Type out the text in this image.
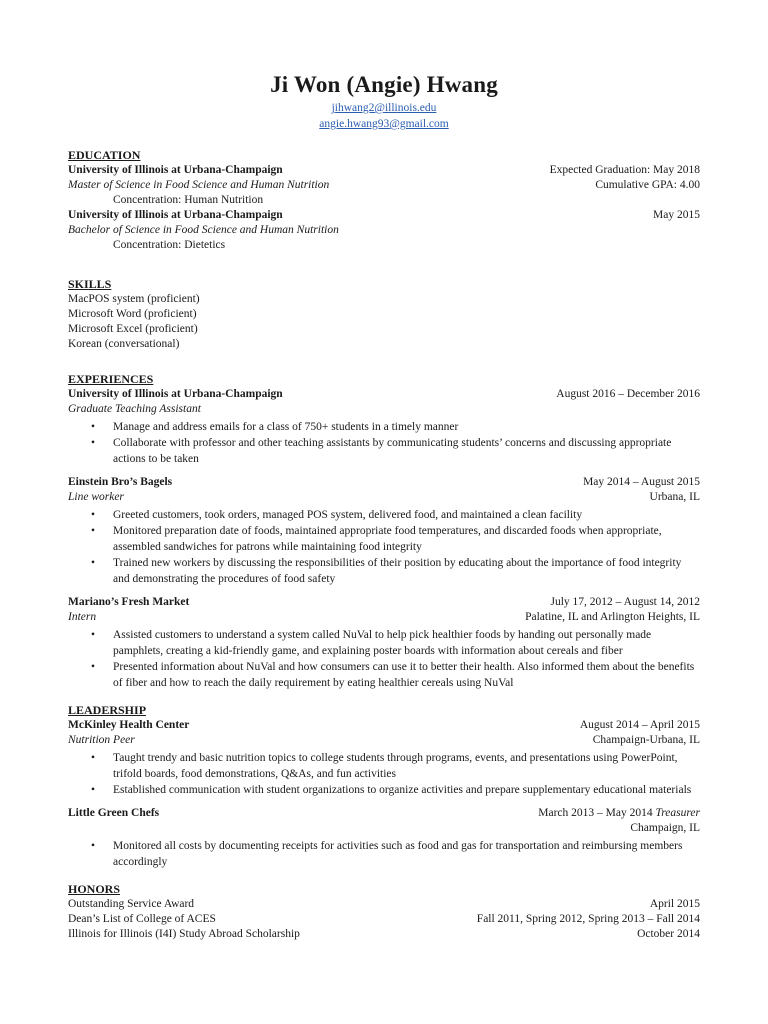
Ji Won (Angie) Hwang
jihwang2@illinois.edu
angie.hwang93@gmail.com
EDUCATION
University of Illinois at Urbana-Champaign	Expected Graduation: May 2018
Master of Science in Food Science and Human Nutrition	Cumulative GPA: 4.00
Concentration: Human Nutrition
University of Illinois at Urbana-Champaign	May 2015
Bachelor of Science in Food Science and Human Nutrition
Concentration: Dietetics
SKILLS
MacPOS system (proficient)
Microsoft Word (proficient)
Microsoft Excel (proficient)
Korean (conversational)
EXPERIENCES
University of Illinois at Urbana-Champaign	August 2016 – December 2016
Graduate Teaching Assistant
• Manage and address emails for a class of 750+ students in a timely manner
• Collaborate with professor and other teaching assistants by communicating students’ concerns and discussing appropriate actions to be taken
Einstein Bro’s Bagels	May 2014 – August 2015
Line worker	Urbana, IL
• Greeted customers, took orders, managed POS system, delivered food, and maintained a clean facility
• Monitored preparation date of foods, maintained appropriate food temperatures, and discarded foods when appropriate, assembled sandwiches for patrons while maintaining food integrity
• Trained new workers by discussing the responsibilities of their position by educating about the importance of food integrity and demonstrating the procedures of food safety
Mariano’s Fresh Market	July 17, 2012 – August 14, 2012
Intern	Palatine, IL and Arlington Heights, IL
• Assisted customers to understand a system called NuVal to help pick healthier foods by handing out personally made pamphlets, creating a kid-friendly game, and explaining poster boards with information about cereals and fiber
• Presented information about NuVal and how consumers can use it to better their health. Also informed them about the benefits of fiber and how to reach the daily requirement by eating healthier cereals using NuVal
LEADERSHIP
McKinley Health Center	August 2014 – April 2015
Nutrition Peer	Champaign-Urbana, IL
• Taught trendy and basic nutrition topics to college students through programs, events, and presentations using PowerPoint, trifold boards, food demonstrations, Q&As, and fun activities
• Established communication with student organizations to organize activities and prepare supplementary educational materials
Little Green Chefs	March 2013 – May 2014 Treasurer
Champaign, IL
• Monitored all costs by documenting receipts for activities such as food and gas for transportation and reimbursing members accordingly
HONORS
Outstanding Service Award	April 2015
Dean’s List of College of ACES	Fall 2011, Spring 2012, Spring 2013 – Fall 2014
Illinois for Illinois (I4I) Study Abroad Scholarship	October 2014
